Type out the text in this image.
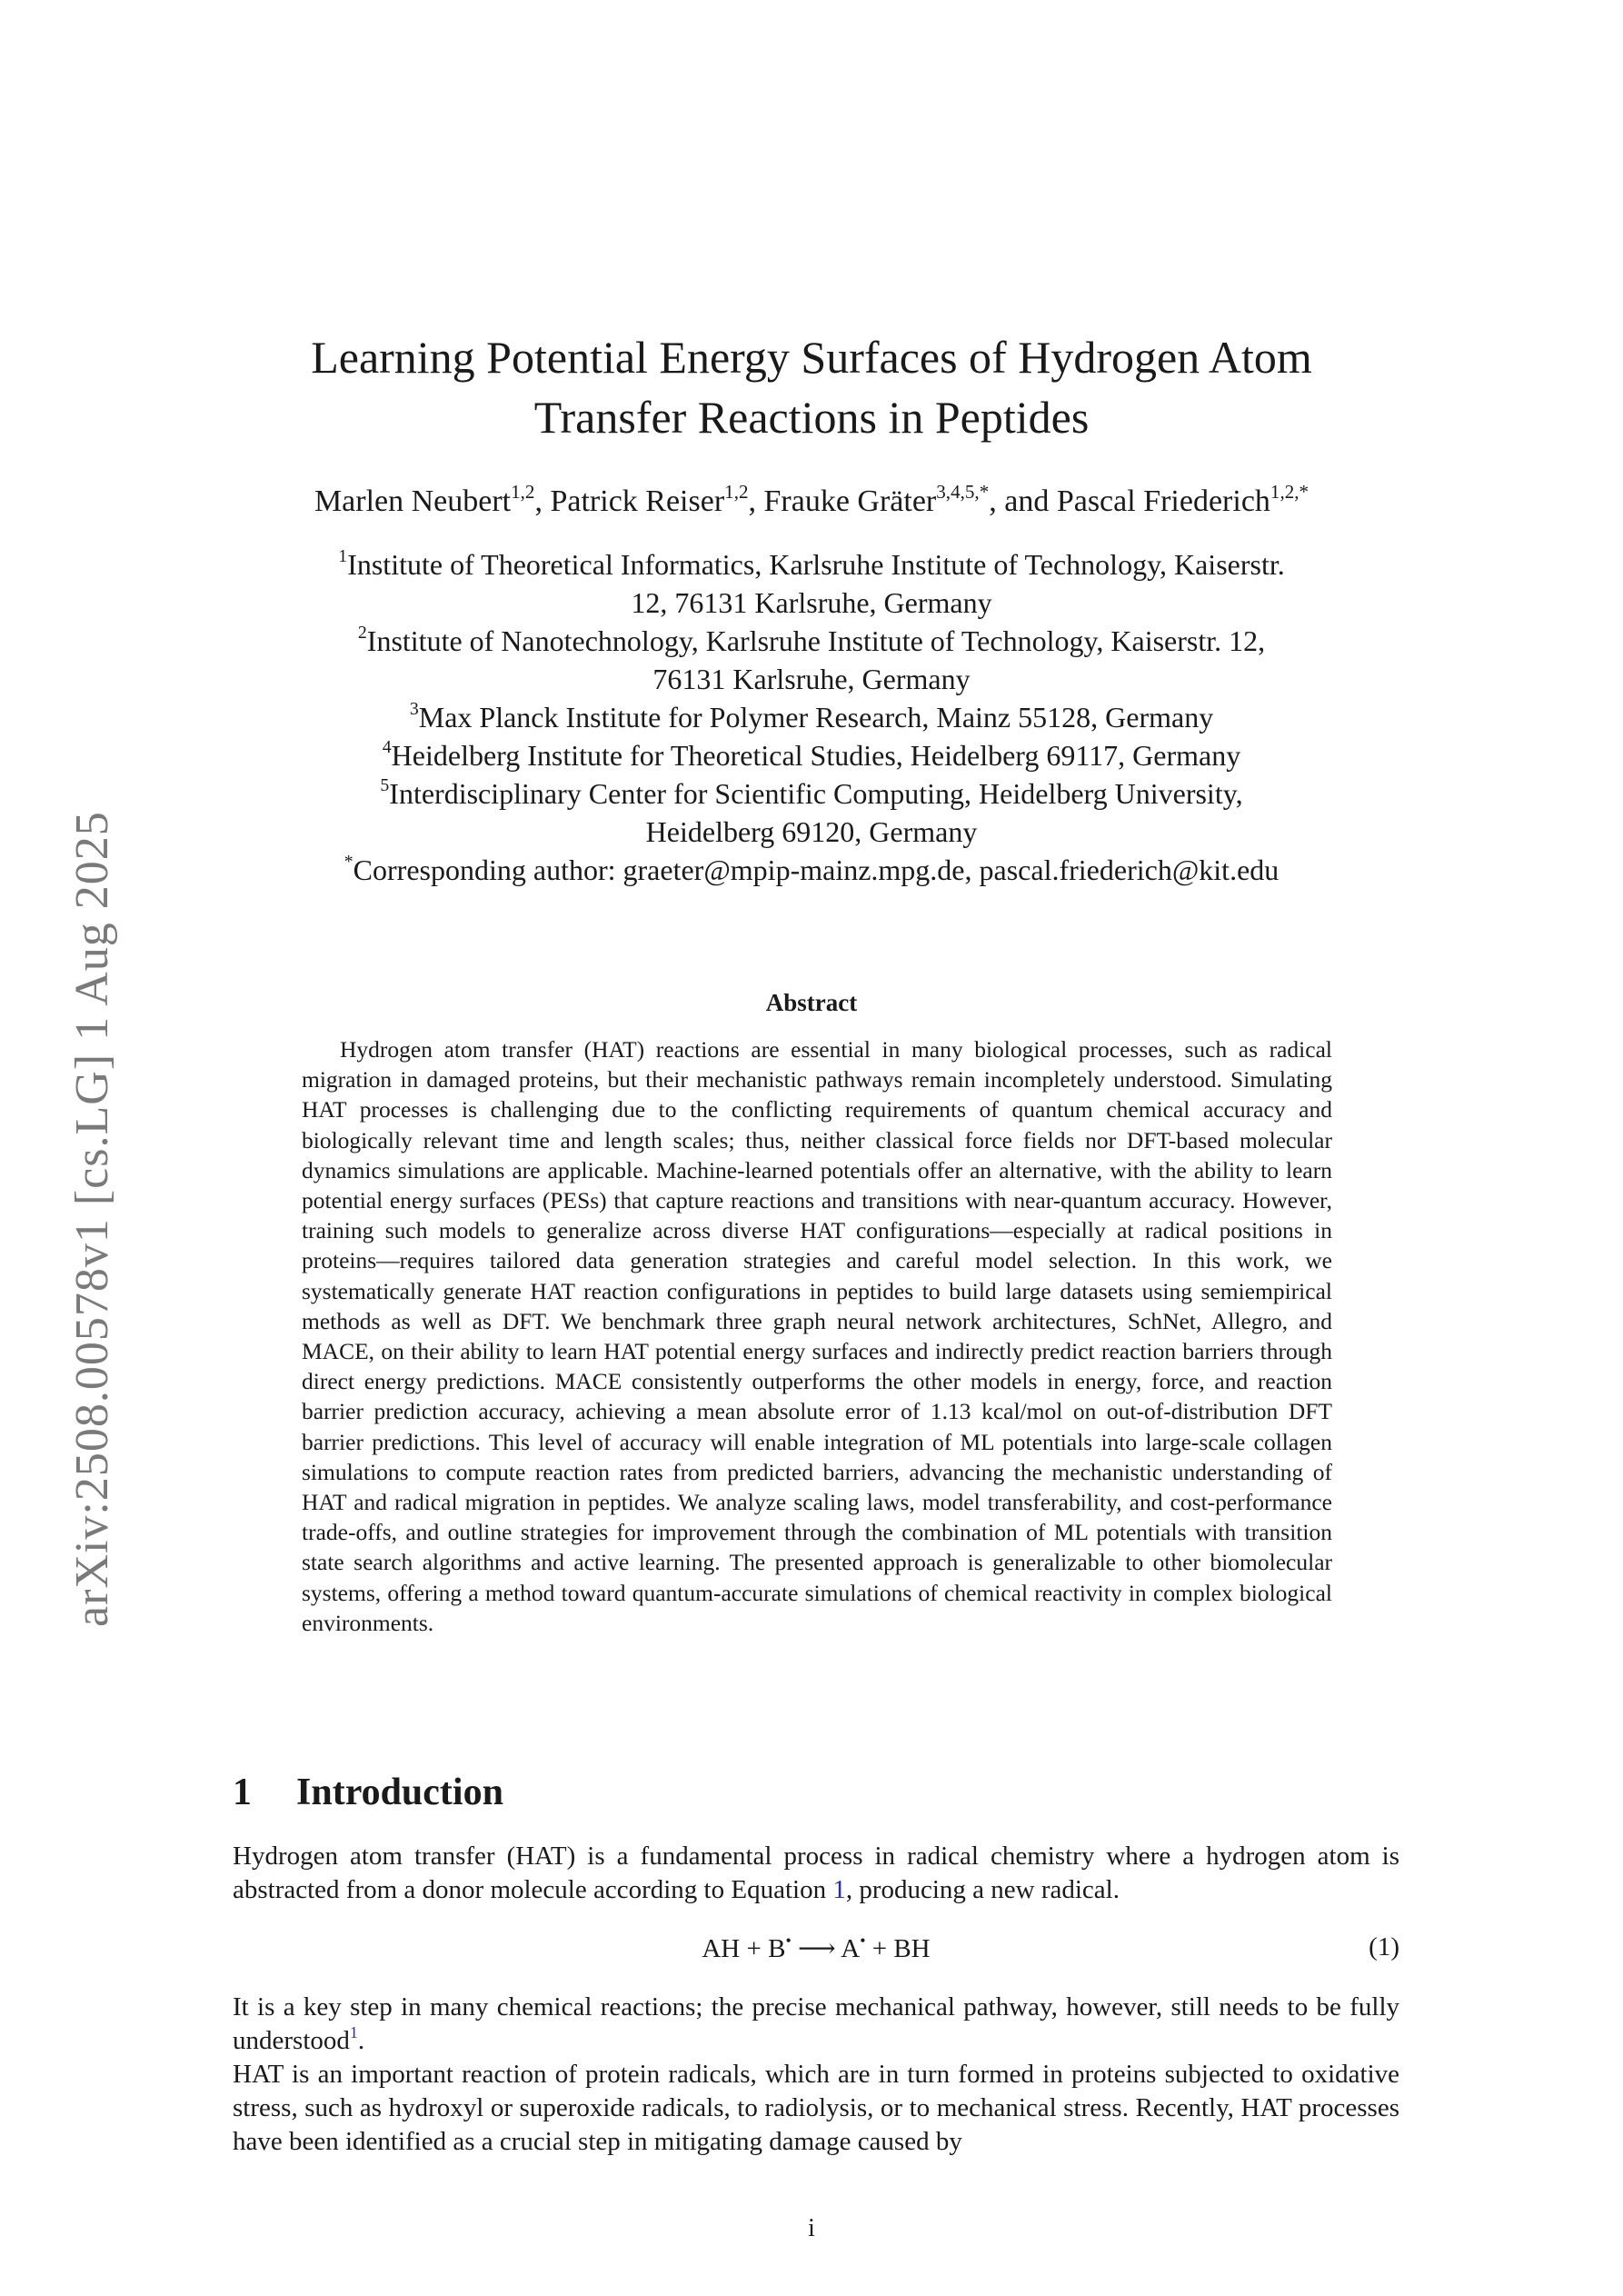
arXiv:2508.00578v1 [cs.LG] 1 Aug 2025
Learning Potential Energy Surfaces of Hydrogen Atom
Transfer Reactions in Peptides
Marlen Neubert$^{1,2}$, Patrick Reiser$^{1,2}$, Frauke Gräter$^{3,4,5,*}$, and Pascal Friederich$^{1,2,*}$
$^1$Institute of Theoretical Informatics, Karlsruhe Institute of Technology, Kaiserstr.
12, 76131 Karlsruhe, Germany
$^2$Institute of Nanotechnology, Karlsruhe Institute of Technology, Kaiserstr. 12,
76131 Karlsruhe, Germany
$^3$Max Planck Institute for Polymer Research, Mainz 55128, Germany
$^4$Heidelberg Institute for Theoretical Studies, Heidelberg 69117, Germany
$^5$Interdisciplinary Center for Scientific Computing, Heidelberg University,
Heidelberg 69120, Germany
*Corresponding author: graeter@mpip-mainz.mpg.de, pascal.friederich@kit.edu
Abstract
Hydrogen atom transfer (HAT) reactions are essential in many biological processes, such as radical migration in damaged proteins, but their mechanistic pathways remain incompletely understood. Simulating HAT processes is challenging due to the conflicting requirements of quantum chemical accuracy and biologically relevant time and length scales; thus, neither classical force fields nor DFT-based molecular dynamics simulations are applicable. Machine-learned potentials offer an alternative, with the ability to learn potential energy surfaces (PESs) that capture reactions and transitions with near-quantum accuracy. However, training such models to generalize across diverse HAT configurations—especially at radical positions in proteins—requires tailored data generation strategies and careful model selection. In this work, we systematically generate HAT reaction configurations in peptides to build large datasets using semiempirical methods as well as DFT. We benchmark three graph neural network architectures, SchNet, Allegro, and MACE, on their ability to learn HAT potential energy surfaces and indirectly predict reaction barriers through direct energy predictions. MACE consistently outperforms the other models in energy, force, and reaction barrier prediction accuracy, achieving a mean absolute error of 1.13 kcal/mol on out-of-distribution DFT barrier predictions. This level of accuracy will enable integration of ML potentials into large-scale collagen simulations to compute reaction rates from predicted barriers, advancing the mechanistic understanding of HAT and radical migration in peptides. We analyze scaling laws, model transferability, and cost-performance trade-offs, and outline strategies for improvement through the combination of ML potentials with transition state search algorithms and active learning. The presented approach is generalizable to other biomolecular systems, offering a method toward quantum-accurate simulations of chemical reactivity in complex biological environments.
1 Introduction
Hydrogen atom transfer (HAT) is a fundamental process in radical chemistry where a hydrogen atom is abstracted from a donor molecule according to Equation 1, producing a new radical.
AH + B• ⟶ A• + BH	(1)
It is a key step in many chemical reactions; the precise mechanical pathway, however, still needs to be fully understood$^1$.
HAT is an important reaction of protein radicals, which are in turn formed in proteins subjected to oxidative stress, such as hydroxyl or superoxide radicals, to radiolysis, or to mechanical stress. Recently, HAT processes have been identified as a crucial step in mitigating damage caused by
i
